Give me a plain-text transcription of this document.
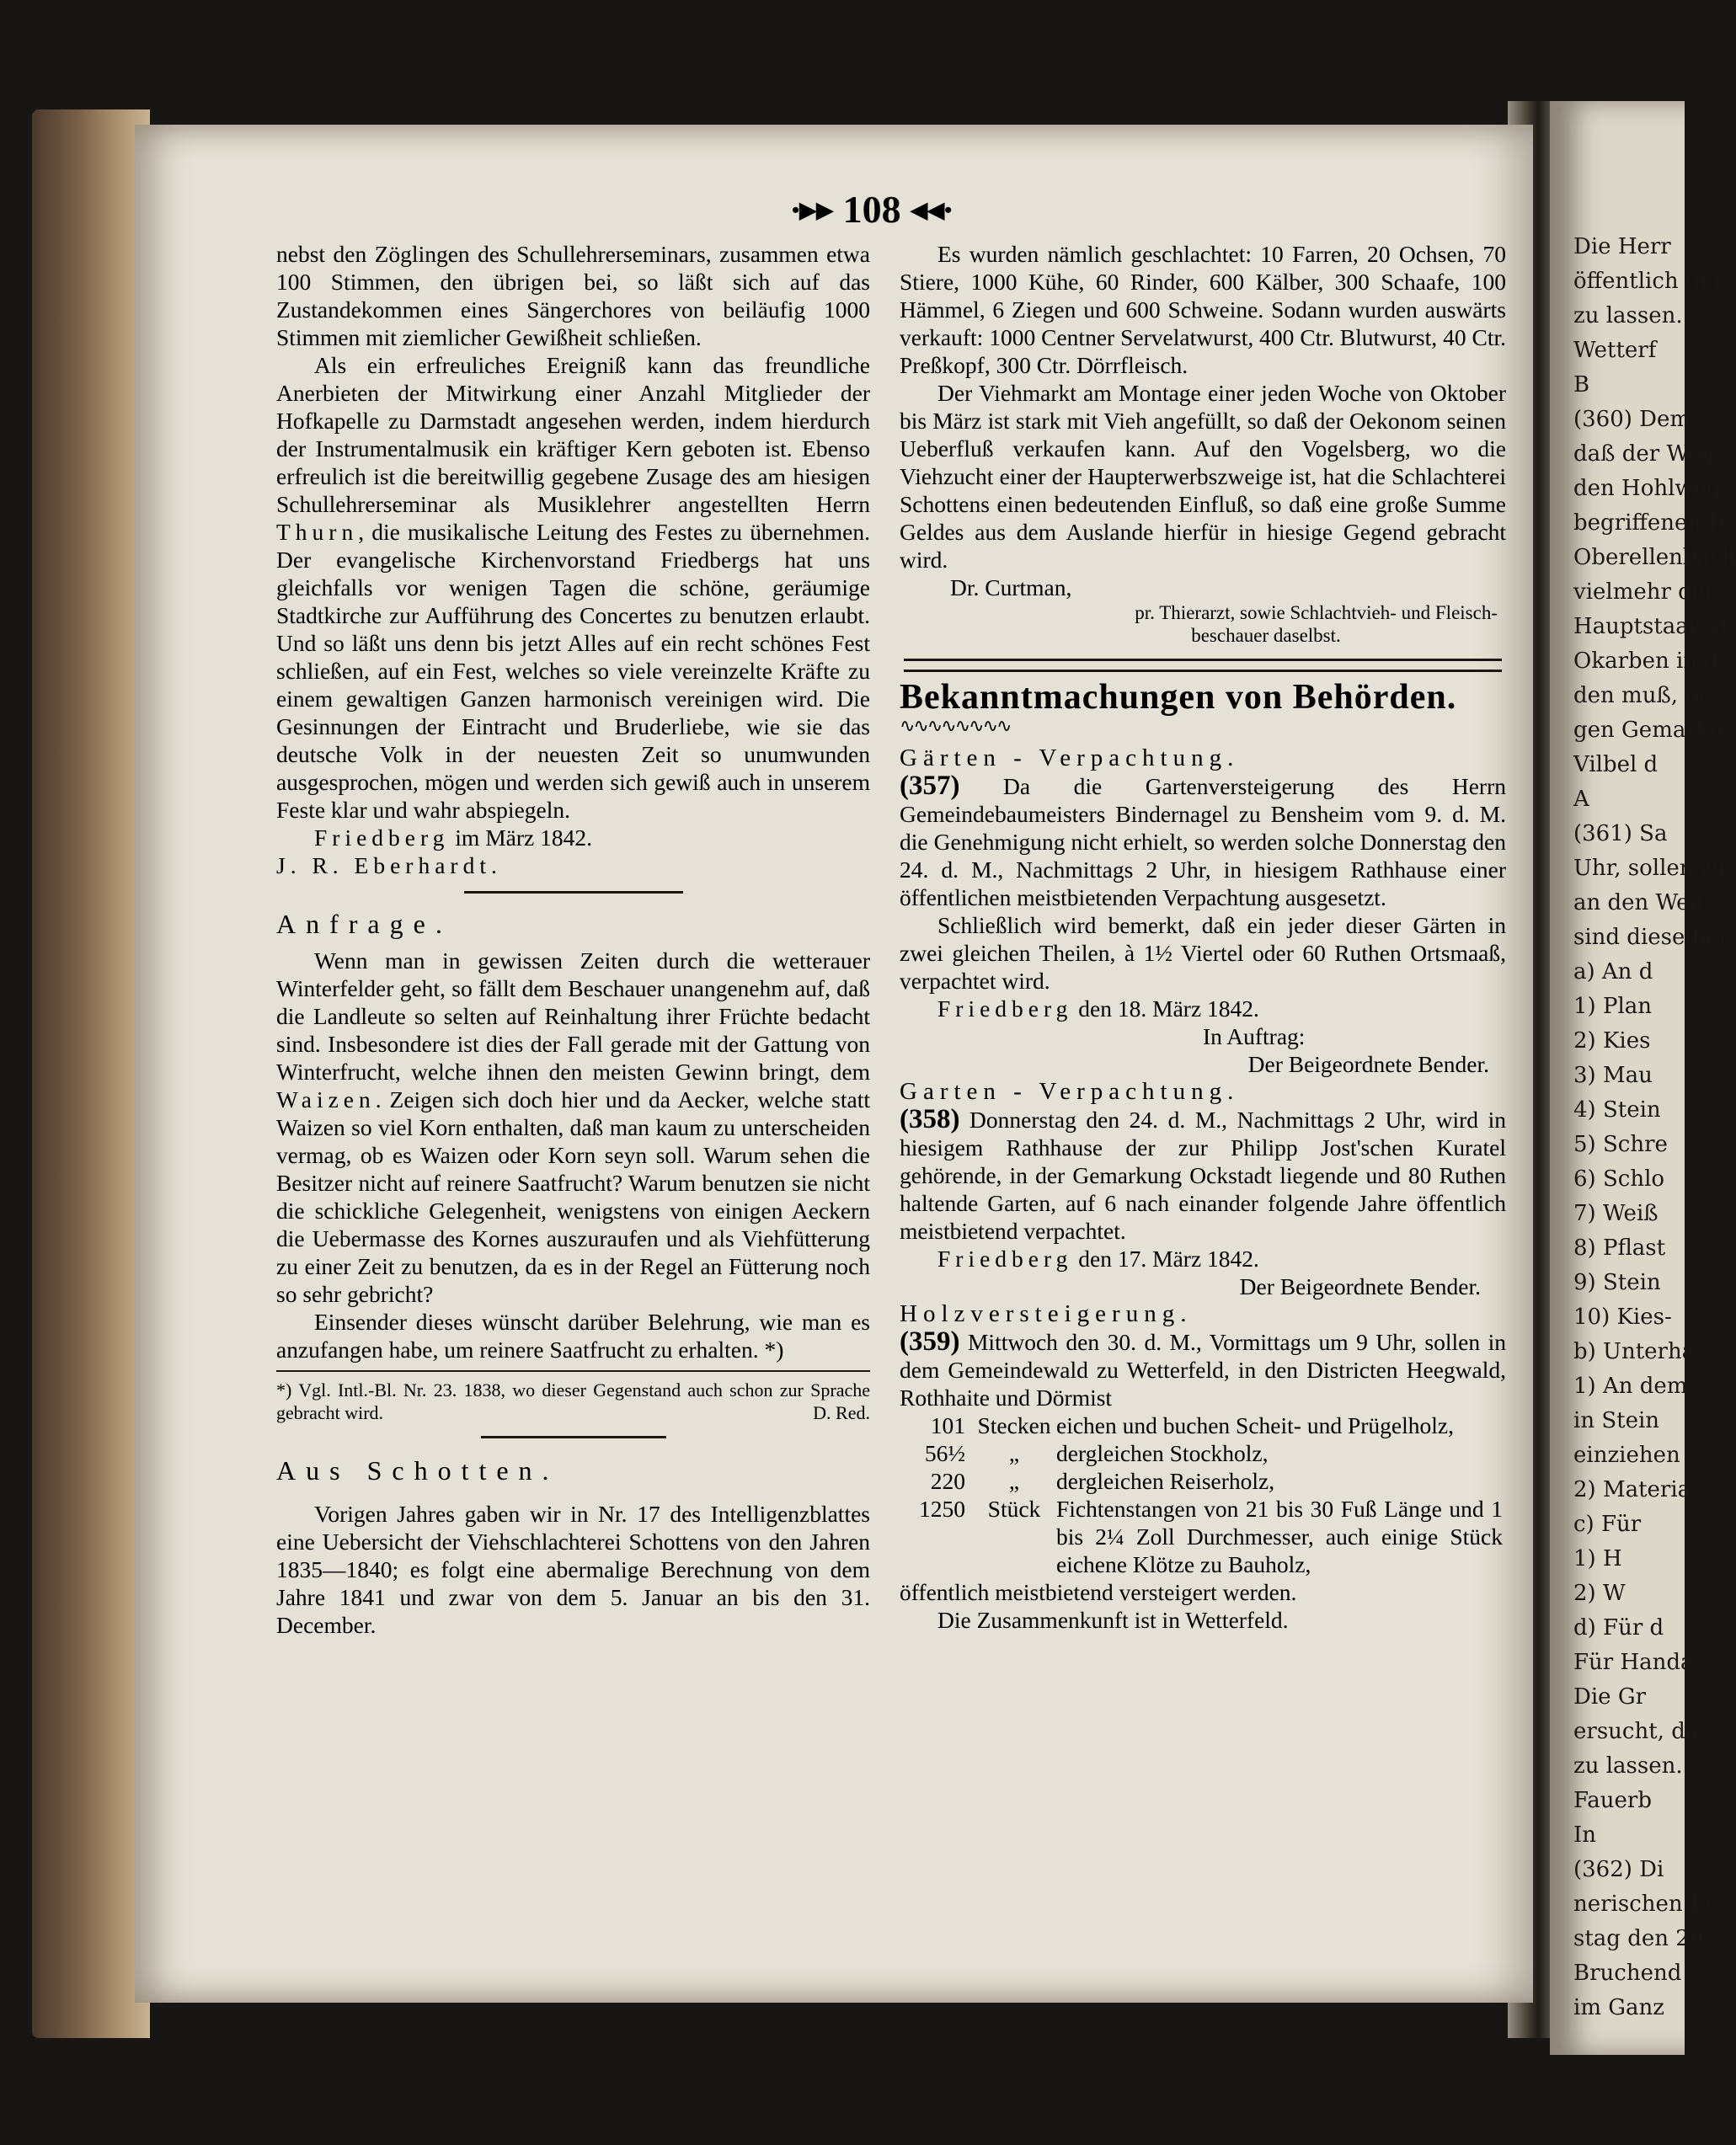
Die Herr
öffentlich in i
zu lassen.
Wetterf
B
(360) Dem
daß der Weg
den Hohlweg
begriffenen B
Oberellenbach
vielmehr der
Hauptstaatsst
Okarben in d
den muß, bis
gen Gemarku
Vilbel d
A
(361) Sa
Uhr, sollen zu
an den Wen
sind dieselben
a) An d
1) Plan
2) Kies
3) Mau
4) Stein
5) Schre
6) Schlo
7) Weiß
8) Pflast
9) Stein
10) Kies-
b) Unterha
1) An dem
in Stein
einziehen
2) Materia
c) Für
1) H
2) W
d) Für d
Für Handa
Die Gr
ersucht, die
zu lassen.
Fauerb
In
(362) Di
nerischen Er
stag den 29
Bruchend
im Ganz
•▶▶ 108 ◀◀•

nebst den Zöglingen des Schullehrerseminars, zusammen etwa 100 Stimmen, den übrigen bei, so läßt sich auf das Zustandekommen eines Sängerchores von beiläufig 1000 Stimmen mit ziemlicher Gewißheit schließen.

Als ein erfreuliches Ereigniß kann das freundliche Anerbieten der Mitwirkung einer Anzahl Mitglieder der Hofkapelle zu Darmstadt angesehen werden, indem hierdurch der Instrumentalmusik ein kräftiger Kern geboten ist. Ebenso erfreulich ist die bereitwillig gegebene Zusage des am hiesigen Schullehrerseminar als Musiklehrer angestellten Herrn Thurn, die musikalische Leitung des Festes zu übernehmen. Der evangelische Kirchenvorstand Friedbergs hat uns gleichfalls vor wenigen Tagen die schöne, geräumige Stadtkirche zur Aufführung des Concertes zu benutzen erlaubt. Und so läßt uns denn bis jetzt Alles auf ein recht schönes Fest schließen, auf ein Fest, welches so viele vereinzelte Kräfte zu einem gewaltigen Ganzen harmonisch vereinigen wird. Die Gesinnungen der Eintracht und Bruderliebe, wie sie das deutsche Volk in der neuesten Zeit so unumwunden ausgesprochen, mögen und werden sich gewiß auch in unserem Feste klar und wahr abspiegeln.

Friedberg im März 1842.

J. R. Eberhardt.

Anfrage.

Wenn man in gewissen Zeiten durch die wetterauer Winterfelder geht, so fällt dem Beschauer unangenehm auf, daß die Landleute so selten auf Reinhaltung ihrer Früchte bedacht sind. Insbesondere ist dies der Fall gerade mit der Gattung von Winterfrucht, welche ihnen den meisten Gewinn bringt, dem Waizen. Zeigen sich doch hier und da Aecker, welche statt Waizen so viel Korn enthalten, daß man kaum zu unterscheiden vermag, ob es Waizen oder Korn seyn soll. Warum sehen die Besitzer nicht auf reinere Saatfrucht? Warum benutzen sie nicht die schickliche Gelegenheit, wenigstens von einigen Aeckern die Uebermasse des Kornes auszuraufen und als Viehfütterung zu einer Zeit zu benutzen, da es in der Regel an Fütterung noch so sehr gebricht?

Einsender dieses wünscht darüber Belehrung, wie man es anzufangen habe, um reinere Saatfrucht zu erhalten. *)

*) Vgl. Intl.-Bl. Nr. 23. 1838, wo dieser Gegenstand auch schon zur Sprache gebracht wird.	D. Red.

Aus Schotten.

Vorigen Jahres gaben wir in Nr. 17 des Intelligenzblattes eine Uebersicht der Viehschlachterei Schottens von den Jahren 1835—1840; es folgt eine abermalige Berechnung von dem Jahre 1841 und zwar von dem 5. Januar an bis den 31. December.

Es wurden nämlich geschlachtet: 10 Farren, 20 Ochsen, 70 Stiere, 1000 Kühe, 60 Rinder, 600 Kälber, 300 Schaafe, 100 Hämmel, 6 Ziegen und 600 Schweine. Sodann wurden auswärts verkauft: 1000 Centner Servelatwurst, 400 Ctr. Blutwurst, 40 Ctr. Preßkopf, 300 Ctr. Dörrfleisch.

Der Viehmarkt am Montage einer jeden Woche von Oktober bis März ist stark mit Vieh angefüllt, so daß der Oekonom seinen Ueberfluß verkaufen kann. Auf den Vogelsberg, wo die Viehzucht einer der Haupterwerbszweige ist, hat die Schlachterei Schottens einen bedeutenden Einfluß, so daß eine große Summe Geldes aus dem Auslande hierfür in hiesige Gegend gebracht wird.

Dr. Curtman,

pr. Thierarzt, sowie Schlachtvieh- und Fleisch-

beschauer daselbst.

Bekanntmachungen von Behörden.

∿∿∿∿∿∿∿∿

Gärten - Verpachtung.

(357) Da die Gartenversteigerung des Herrn Gemeindebaumeisters Bindernagel zu Bensheim vom 9. d. M. die Genehmigung nicht erhielt, so werden solche Donnerstag den 24. d. M., Nachmittags 2 Uhr, in hiesigem Rathhause einer öffentlichen meistbietenden Verpachtung ausgesetzt.

Schließlich wird bemerkt, daß ein jeder dieser Gärten in zwei gleichen Theilen, à 1½ Viertel oder 60 Ruthen Ortsmaaß, verpachtet wird.

Friedberg den 18. März 1842.

In Auftrag:

Der Beigeordnete Bender.

Garten - Verpachtung.

(358) Donnerstag den 24. d. M., Nachmittags 2 Uhr, wird in hiesigem Rathhause der zur Philipp Jost'schen Kuratel gehörende, in der Gemarkung Ockstadt liegende und 80 Ruthen haltende Garten, auf 6 nach einander folgende Jahre öffentlich meistbietend verpachtet.

Friedberg den 17. März 1842.

Der Beigeordnete Bender.

Holzversteigerung.

(359) Mittwoch den 30. d. M., Vormittags um 9 Uhr, sollen in dem Gemeindewald zu Wetterfeld, in den Districten Heegwald, Rothhaite und Dörmist

101	Stecken	eichen und buchen Scheit- und Prügelholz,
56½	„	dergleichen Stockholz,
220	„	dergleichen Reiserholz,
1250	Stück	Fichtenstangen von 21 bis 30 Fuß Länge und 1 bis 2¼ Zoll Durchmesser, auch einige Stück eichene Klötze zu Bauholz,

öffentlich meistbietend versteigert werden.

Die Zusammenkunft ist in Wetterfeld.
